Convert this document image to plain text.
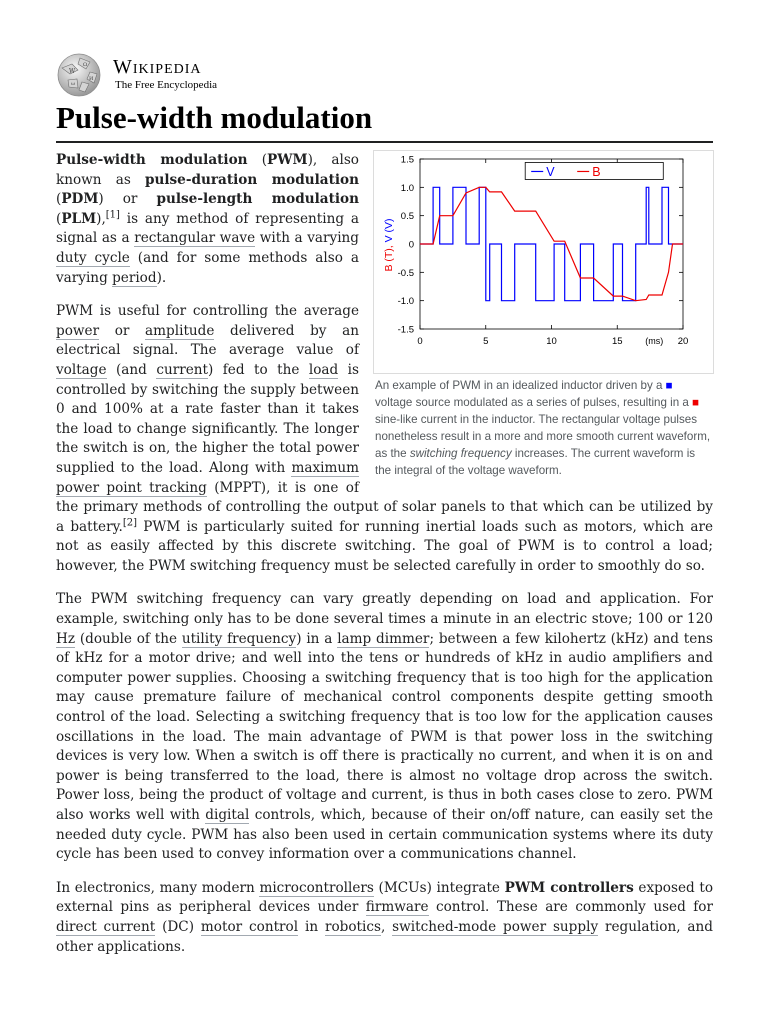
W
Ω
И
ω
Wikipedia
The Free Encyclopedia
Pulse-width modulation
B (T), V (V)
1.5
1.0
0.5
0
-0.5
-1.0
-1.5
0	5	10	15	20
(ms)
V	B
An example of PWM in an idealized inductor driven by a ■ voltage source modulated as a series of pulses, resulting in a ■ sine-like current in the inductor. The rectangular voltage pulses nonetheless result in a more and more smooth current waveform, as the switching frequency increases. The current waveform is the integral of the voltage waveform.

Pulse-width modulation (PWM), also known as pulse-duration modulation (PDM) or pulse-length modulation (PLM),[1] is any method of representing a signal as a rectangular wave with a varying duty cycle (and for some methods also a varying period).

PWM is useful for controlling the average power or amplitude delivered by an electrical signal. The average value of voltage (and current) fed to the load is controlled by switching the supply between 0 and 100% at a rate faster than it takes the load to change significantly. The longer the switch is on, the higher the total power supplied to the load. Along with maximum power point tracking (MPPT), it is one of the primary methods of controlling the output of solar panels to that which can be utilized by a battery.[2] PWM is particularly suited for running inertial loads such as motors, which are not as easily affected by this discrete switching. The goal of PWM is to control a load; however, the PWM switching frequency must be selected carefully in order to smoothly do so.

The PWM switching frequency can vary greatly depending on load and application. For example, switching only has to be done several times a minute in an electric stove; 100 or 120 Hz (double of the utility frequency) in a lamp dimmer; between a few kilohertz (kHz) and tens of kHz for a motor drive; and well into the tens or hundreds of kHz in audio amplifiers and computer power supplies. Choosing a switching frequency that is too high for the application may cause premature failure of mechanical control components despite getting smooth control of the load. Selecting a switching frequency that is too low for the application causes oscillations in the load. The main advantage of PWM is that power loss in the switching devices is very low. When a switch is off there is practically no current, and when it is on and power is being transferred to the load, there is almost no voltage drop across the switch. Power loss, being the product of voltage and current, is thus in both cases close to zero. PWM also works well with digital controls, which, because of their on/off nature, can easily set the needed duty cycle. PWM has also been used in certain communication systems where its duty cycle has been used to convey information over a communications channel.

In electronics, many modern microcontrollers (MCUs) integrate PWM controllers exposed to external pins as peripheral devices under firmware control. These are commonly used for direct current (DC) motor control in robotics, switched-mode power supply regulation, and other applications.
